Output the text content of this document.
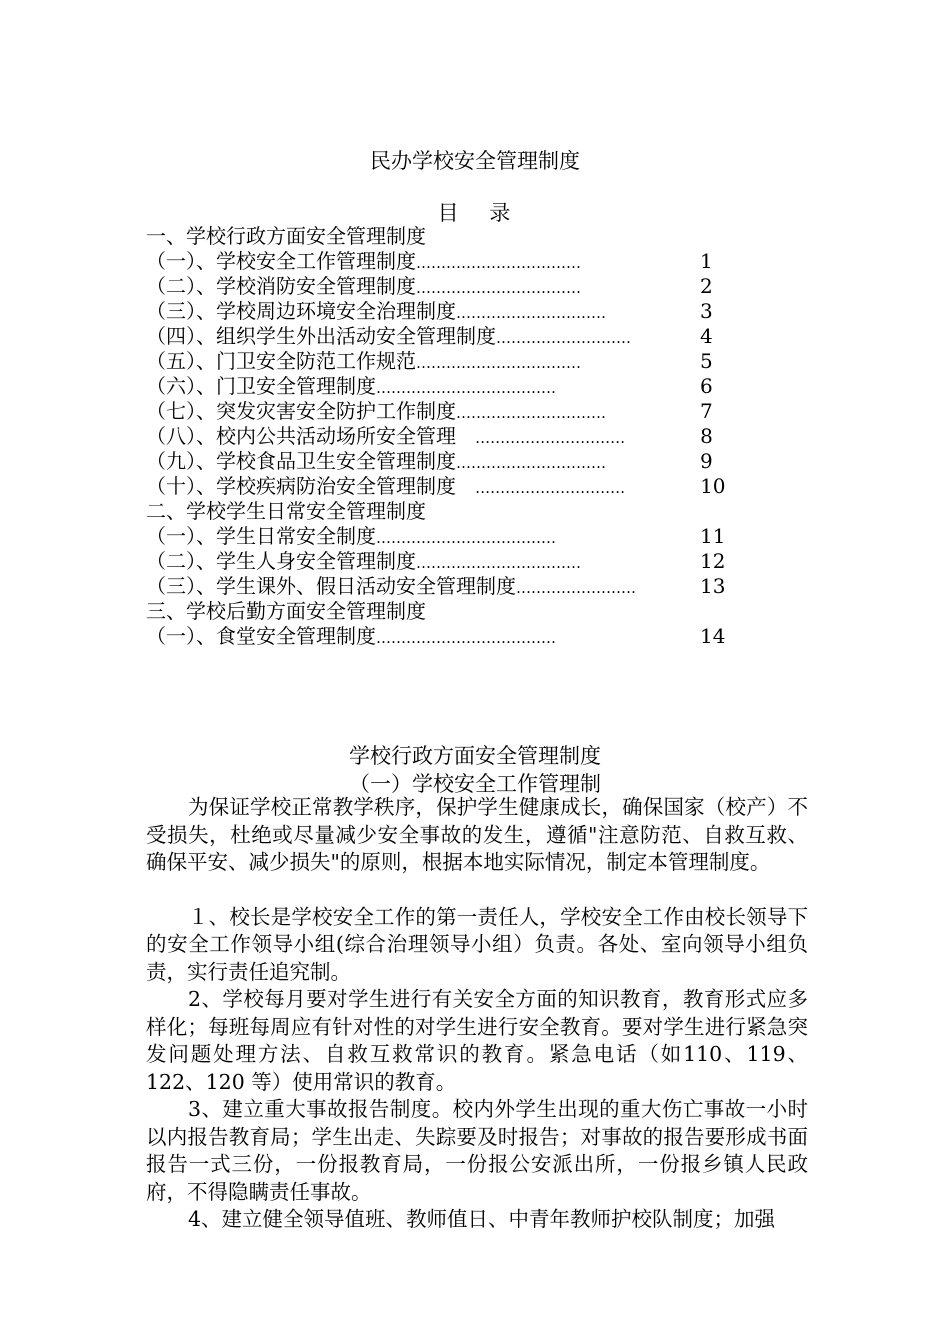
民办学校安全管理制度
目 录
一、学校行政方面安全管理制度
（一）、学校安全工作管理制度 ……………………………	1
（二）、学校消防安全管理制度 ……………………………	2
（三）、学校周边环境安全治理制度 …………………………	3
（四）、组织学生外出活动安全管理制度 ………………………	4
（五）、门卫安全防范工作规范 ……………………………	5
（六）、门卫安全管理制度 ………………………………	6
（七）、突发灾害安全防护工作制度 …………………………	7
（八）、校内公共活动场所安全管理 …………………………	8
（九）、学校食品卫生安全管理制度 …………………………	9
（十）、学校疾病防治安全管理制度 …………………………	10
二、学校学生日常安全管理制度
（一）、学生日常安全制度 ………………………………	11
（二）、学生人身安全管理制度 ……………………………	12
（三）、学生课外、假日活动安全管理制度 ……………………	13
三、学校后勤方面安全管理制度
（一）、食堂安全管理制度 ………………………………	14
学校行政方面安全管理制度
（一）学校安全工作管理制

为保证学校正常教学秩序，保护学生健康成长，确保国家（校产）不受损失，杜绝或尽量减少安全事故的发生，遵循"注意防范、自救互救、确保平安、减少损失"的原则，根据本地实际情况，制定本管理制度。

１、校长是学校安全工作的第一责任人，学校安全工作由校长领导下的安全工作领导小组(综合治理领导小组）负责。各处、室向领导小组负责，实行责任追究制。

2、学校每月要对学生进行有关安全方面的知识教育，教育形式应多样化；每班每周应有针对性的对学生进行安全教育。要对学生进行紧急突发问题处理方法、自救互救常识的教育。紧急电话（如110、119、122、120 等）使用常识的教育。

3、建立重大事故报告制度。校内外学生出现的重大伤亡事故一小时以内报告教育局；学生出走、失踪要及时报告；对事故的报告要形成书面报告一式三份，一份报教育局，一份报公安派出所，一份报乡镇人民政府，不得隐瞒责任事故。

4、建立健全领导值班、教师值日、中青年教师护校队制度；加强
